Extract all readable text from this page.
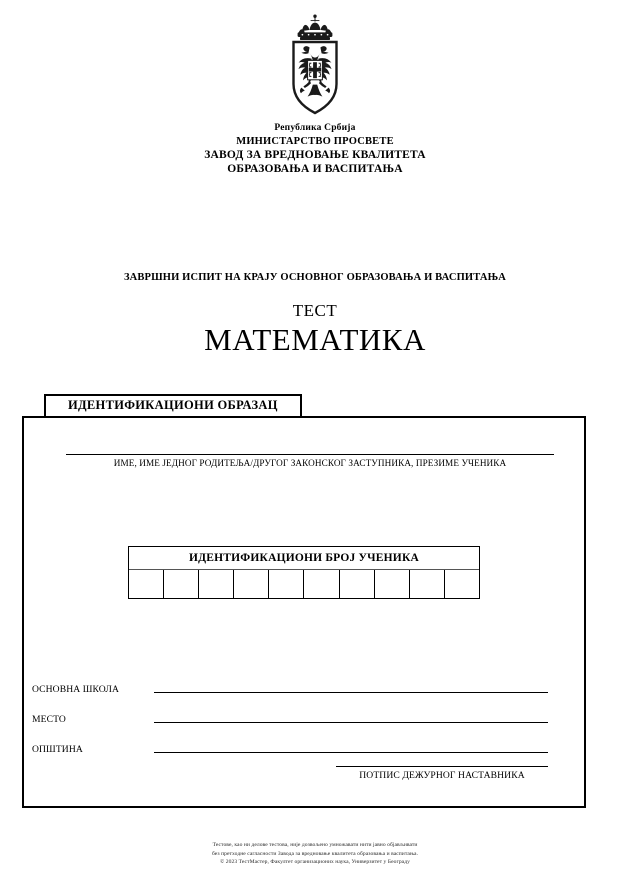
Република Србија
МИНИСТАРСТВО ПРОСВЕТЕ
ЗАВОД ЗА ВРЕДНОВАЊЕ КВАЛИТЕТА
ОБРАЗОВАЊА И ВАСПИТАЊА
ЗАВРШНИ ИСПИТ НА КРАЈУ ОСНОВНОГ ОБРАЗОВАЊА И ВАСПИТАЊА
ТЕСТ
МАТЕМАТИКА
ИДЕНТИФИКАЦИОНИ ОБРАЗАЦ
ИМЕ, ИМЕ ЈЕДНОГ РОДИТЕЉА/ДРУГОГ ЗАКОНСКОГ ЗАСТУПНИКА, ПРЕЗИМЕ УЧЕНИКА
ИДЕНТИФИКАЦИОНИ БРОЈ УЧЕНИКА
ОСНОВНА ШКОЛА
МЕСТО
ОПШТИНА
ПОТПИС ДЕЖУРНОГ НАСТАВНИКА
Тестове, као ни делове тестова, није дозвољено умножавати нити јавно објављивати
без претходне сагласности Завода за вредновање квалитета образовања и васпитања.
© 2023 ТестМастер, Факултет организационих наука, Универзитет у Београду
